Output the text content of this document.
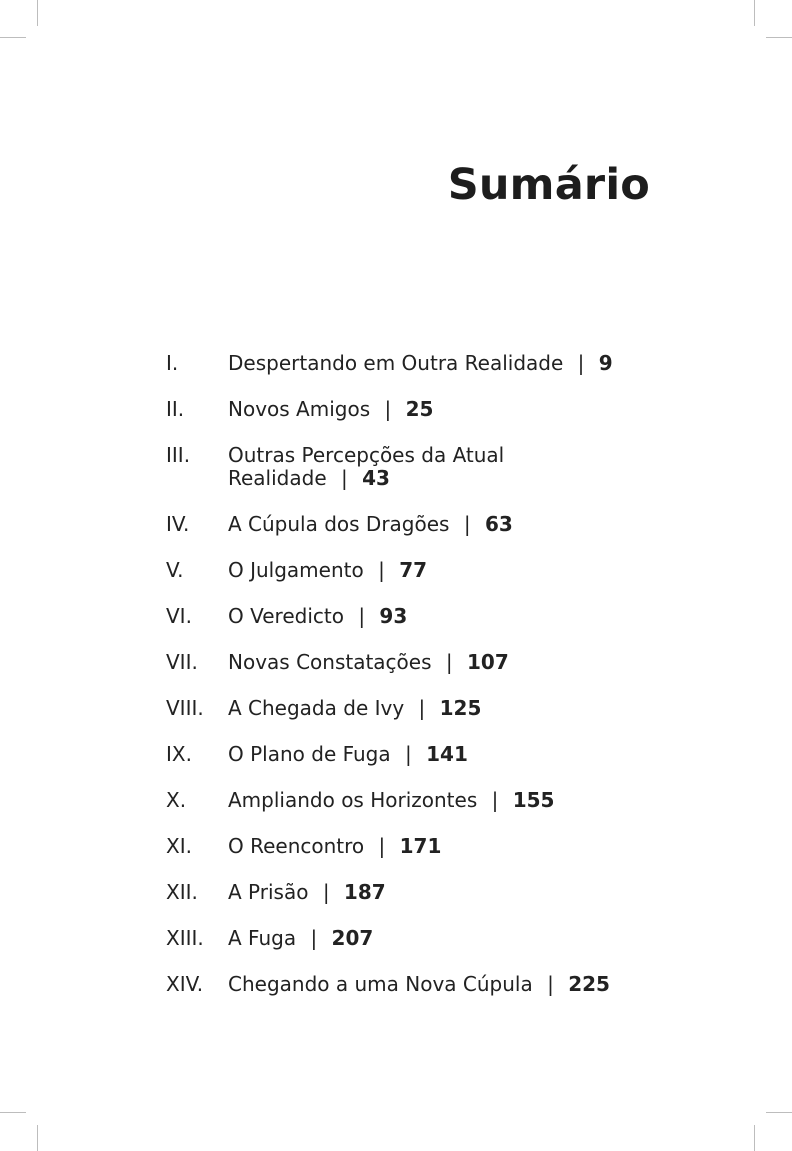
Sumário
I.	Despertando em Outra Realidade | 9
II.	Novos Amigos | 25
III.	Outras Percepções da Atual Realidade | 43
IV.	A Cúpula dos Dragões | 63
V.	O Julgamento | 77
VI.	O Veredicto | 93
VII.	Novas Constatações | 107
VIII.	A Chegada de Ivy | 125
IX.	O Plano de Fuga | 141
X.	Ampliando os Horizontes | 155
XI.	O Reencontro | 171
XII.	A Prisão | 187
XIII.	A Fuga | 207
XIV.	Chegando a uma Nova Cúpula | 225
